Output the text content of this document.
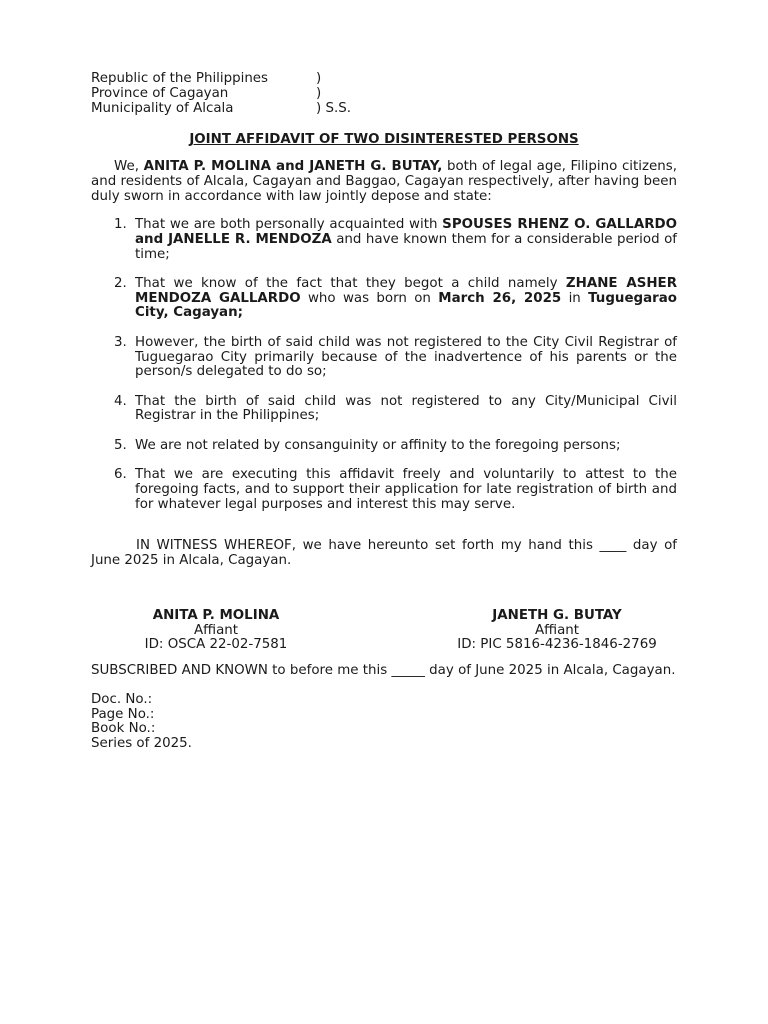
Republic of the Philippines	)
Province of Cagayan	)
Municipality of Alcala	) S.S.
JOINT AFFIDAVIT OF TWO DISINTERESTED PERSONS

We, ANITA P. MOLINA and JANETH G. BUTAY, both of legal age, Filipino citizens, and residents of Alcala, Cagayan and Baggao, Cagayan respectively, after having been duly sworn in accordance with law jointly depose and state:

1. That we are both personally acquainted with SPOUSES RHENZ O. GALLARDO and JANELLE R. MENDOZA and have known them for a considerable period of time;
2. That we know of the fact that they begot a child namely ZHANE ASHER MENDOZA GALLARDO who was born on March 26, 2025 in Tuguegarao City, Cagayan;
3. However, the birth of said child was not registered to the City Civil Registrar of Tuguegarao City primarily because of the inadvertence of his parents or the person/s delegated to do so;
4. That the birth of said child was not registered to any City/Municipal Civil Registrar in the Philippines;
5. We are not related by consanguinity or affinity to the foregoing persons;
6. That we are executing this affidavit freely and voluntarily to attest to the foregoing facts, and to support their application for late registration of birth and for whatever legal purposes and interest this may serve.

IN WITNESS WHEREOF, we have hereunto set forth my hand this ____ day of June 2025 in Alcala, Cagayan.

ANITA P. MOLINA
Affiant
ID: OSCA 22-02-7581
JANETH G. BUTAY
Affiant
ID: PIC 5816-4236-1846-2769

SUBSCRIBED AND KNOWN to before me this _____ day of June 2025 in Alcala, Cagayan.

Doc. No.:
Page No.:
Book No.:
Series of 2025.
